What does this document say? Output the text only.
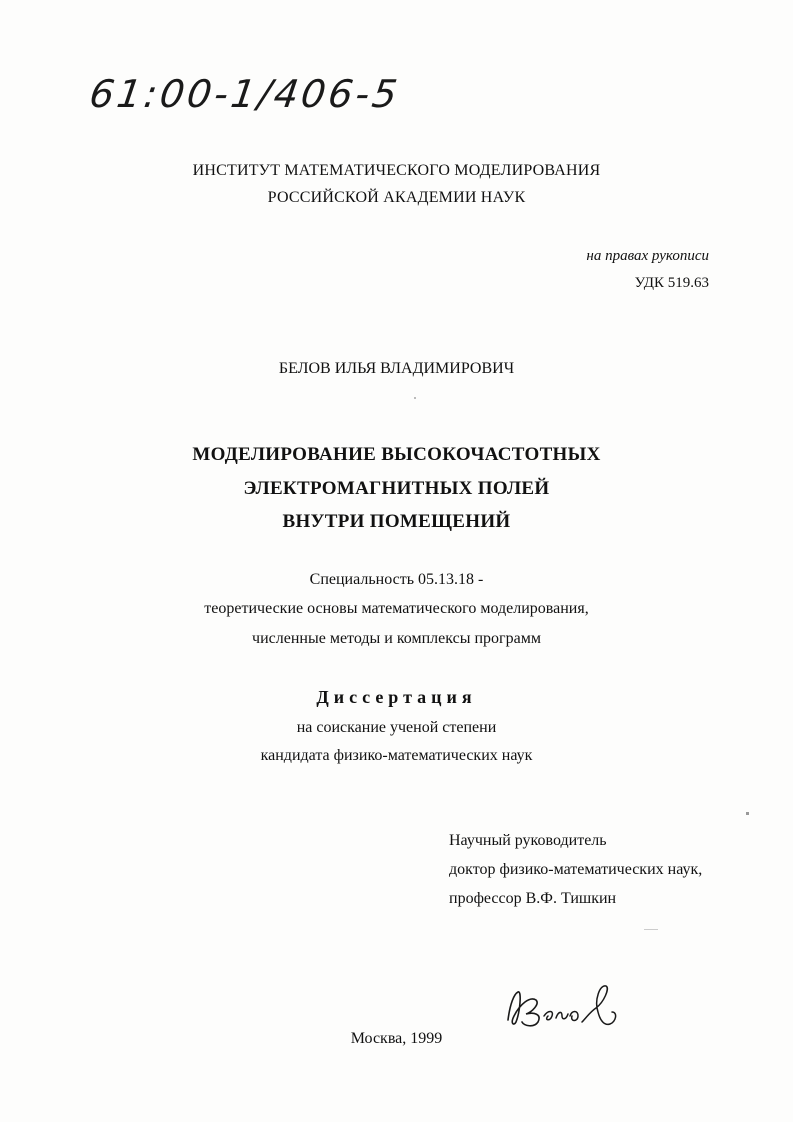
61:00-1/406-5
ИНСТИТУТ МАТЕМАТИЧЕСКОГО МОДЕЛИРОВАНИЯ
РОССИЙСКОЙ АКАДЕМИИ НАУК
на правах рукописи
УДК 519.63
БЕЛОВ ИЛЬЯ ВЛАДИМИРОВИЧ
МОДЕЛИРОВАНИЕ ВЫСОКОЧАСТОТНЫХ
ЭЛЕКТРОМАГНИТНЫХ ПОЛЕЙ
ВНУТРИ ПОМЕЩЕНИЙ
Специальность 05.13.18 -
теоретические основы математического моделирования,
численные методы и комплексы программ
Диссертация
на соискание ученой степени
кандидата физико-математических наук
Научный руководитель
доктор физико-математических наук,
профессор В.Ф. Тишкин
Москва, 1999
